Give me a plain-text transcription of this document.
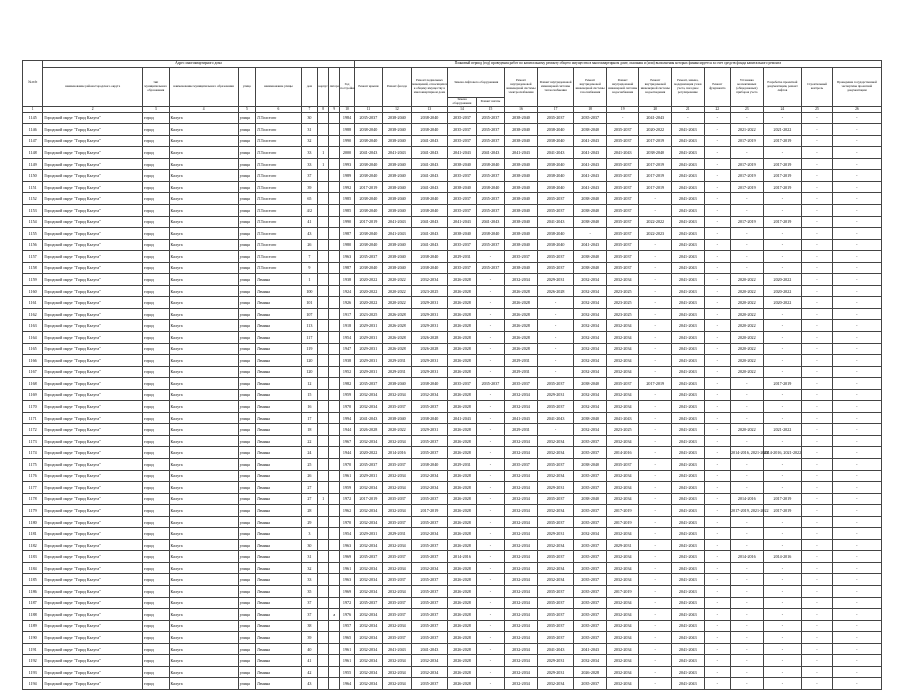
№ п/п	Адрес многоквартирного дома									Плановый период (год) проведения работ по капитальному ремонту общего имущества в многоквартирном доме, оказания и (или) выполнения которых финансируется за счет средств фонда капитального ремонта															
	наименование района/городского округа	тип муниципального образования	наименование муниципального образования	улица	наименование улицы	дом	корпус	литера	Год постройки	Ремонт крыши	Ремонт фасада	Ремонт подвальных помещений, относящихся к общему имуществу в многоквартирном доме	Замена лифтового оборудования		Ремонт внутридомовой инженерной системы электроснабжения	Ремонт внутридомовой инженерной системы теплоснабжения	Ремонт внутридомовой инженерной системы газоснабжения	Ремонт внутридомовой инженерной системы водоснабжения	Ремонт внутридомовой инженерной системы водоотведения	Ремонт, замена, модернизация узлов учета, погодное регулирование	Ремонт фундамента	Установка коллективных (общедомовых) приборов учета	Разработка проектной документации, ремонт лифтов	Строительный контроль	Проведение государственной экспертизы проектной документации
													Замена оборудования	Ремонт шахты											
1	2	3	4	5	6	7	8	9	10	11	12	13	14	15	16	17	18	19	20	21	22	23	24	25	26
1145	Городской округ "Город Калуга"	город	Калуга	улица	Л.Толстого	30			1984	2035-2037	2038-2040	2038-2040	2035-2037	2035-2037	2038-2040	2035-2037	2035-2037	-	2041-2043	-	-	-	-	-	-
1146	Городской округ "Город Калуга"	город	Калуга	улица	Л.Толстого	31			1988	2038-2040	2038-2040	2038-2040	2035-2037	2035-2037	2038-2040	2038-2040	2038-2040	2035-2037	2020-2022	2041-2043	-	2021-2022	2021-2022	-	-
1147	Городской округ "Город Калуга"	город	Калуга	улица	Л.Толстого	32			1990	2038-2040	2038-2040	2041-2043	2035-2037	2035-2037	2038-2040	2038-2040	2041-2043	2035-2037	2017-2019	2041-2043	-	2017-2019	2017-2019	-	-
1148	Городской округ "Город Калуга"	город	Калуга	улица	Л.Толстого	33	1		2000	2041-2043	2041-2043	2041-2043	2041-2043	2041-2043	2041-2043	2041-2043	2041-2043	2041-2043	2038-2040	2041-2043	-	-	-	-	-
1149	Городской округ "Город Калуга"	город	Калуга	улица	Л.Толстого	33	1		1993	2038-2040	2038-2040	2041-2043	2038-2040	2038-2040	2038-2040	2038-2040	2041-2043	2035-2037	2017-2019	2041-2043	-	2017-2019	2017-2019	-	-
1150	Городской округ "Город Калуга"	город	Калуга	улица	Л.Толстого	37			1989	2038-2040	2038-2040	2041-2043	2035-2037	2035-2037	2038-2040	2038-2040	2041-2043	2035-2037	2017-2019	2041-2043	-	2017-2019	2017-2019	-	-
1151	Городской округ "Город Калуга"	город	Калуга	улица	Л.Толстого	39			1992	2017-2019	2038-2040	2041-2043	2038-2040	2038-2040	2038-2040	2038-2040	2041-2043	2035-2037	2017-2019	2041-2043	-	2017-2019	2017-2019	-	-
1152	Городской округ "Город Калуга"	город	Калуга	улица	Л.Толстого	65			1985	2038-2040	2038-2040	2038-2040	2035-2037	2035-2037	2038-2040	2035-2037	2038-2040	2035-2037	-	2041-2043	-	-	-	-	-
1153	Городской округ "Город Калуга"	город	Калуга	улица	Л.Толстого	4/2			1985	2038-2040	2038-2040	2038-2040	2035-2037	2035-2037	2038-2040	2035-2037	2038-2040	2035-2037	-	2041-2043	-	-	-	-	-
1154	Городской округ "Город Калуга"	город	Калуга	улица	Л.Толстого	41			1990	2017-2019	2041-2043	2041-2043	2041-2043	2041-2043	2038-2040	2041-2043	2038-2040	2035-2037	2022-2022	2041-2043	-	2017-2019	2017-2019	-	-
1155	Городской округ "Город Калуга"	город	Калуга	улица	Л.Толстого	43			1987	2038-2040	2041-2043	2041-2043	2038-2040	2038-2040	2038-2040	2038-2040	-	2035-2037	2022-2023	2041-2043	-	-	-	-	-
1156	Городской округ "Город Калуга"	город	Калуга	улица	Л.Толстого	26			1980	2038-2040	2038-2040	2041-2043	2035-2037	2035-2037	2038-2040	2038-2040	2041-2043	2035-2037	-	2041-2043	-	-	-	-	-
1157	Городской округ "Город Калуга"	город	Калуга	улица	Л.Толстого	7			1963	2035-2037	2038-2040	2038-2040	2029-2031	-	2035-2037	2035-2037	2038-2040	2035-2037	-	2041-2043	-	-	-	-	-
1158	Городской округ "Город Калуга"	город	Калуга	улица	Л.Толстого	9			1987	2038-2040	2038-2040	2038-2040	2035-2037	2035-2037	2038-2040	2035-2037	2038-2040	2035-2037	-	2041-2043	-	-	-	-	-
1159	Городской округ "Город Калуга"	город	Калуга	улица	Ленина	1			1938	2020-2022	2020-2022	2032-2034	2026-2028	-	2032-2034	2029-2031	2032-2034	2032-2034	-	2041-2043	-	2020-2022	2020-2022	-	-
1160	Городской округ "Город Калуга"	город	Калуга	улица	Ленина	100			1924	2020-2022	2020-2022	2023-2025	2026-2028	-	2026-2028	2026-2028	2032-2034	2023-2025	-	2041-2043	-	2020-2022	2020-2022	-	-
1161	Городской округ "Город Калуга"	город	Калуга	улица	Ленина	101			1926	2020-2022	2020-2022	2029-2031	2026-2028	-	2026-2028	-	2032-2034	2023-2025	-	2041-2043	-	2020-2022	2020-2022	-	-
1162	Городской округ "Город Калуга"	город	Калуга	улица	Ленина	107			1917	2023-2025	2026-2028	2029-2031	2026-2028	-	2026-2028	-	2032-2034	2023-2025	-	2041-2043	-	2020-2022	-	-	-
1163	Городской округ "Город Калуга"	город	Калуга	улица	Ленина	113			1918	2029-2031	2026-2028	2029-2031	2026-2028	-	2026-2028	-	2032-2034	2032-2034	-	2041-2043	-	2020-2022	-	-	-
1164	Городской округ "Город Калуга"	город	Калуга	улица	Ленина	117			1954	2029-2031	2026-2028	2026-2028	2026-2028	-	2026-2028	-	2032-2034	2032-2034	-	2041-2043	-	2020-2022	-	-	-
1165	Городской округ "Город Калуга"	город	Калуга	улица	Ленина	119			1947	2029-2031	2026-2028	2026-2028	2026-2028	-	2026-2028	-	2032-2034	2032-2034	-	2041-2043	-	2020-2022	-	-	-
1166	Городской округ "Город Калуга"	город	Калуга	улица	Ленина	120			1938	2029-2031	2029-2031	2029-2031	2026-2028	-	2029-2031	-	2032-2034	2032-2034	-	2041-2043	-	2020-2022	-	-	-
1167	Городской округ "Город Калуга"	город	Калуга	улица	Ленина	120			1952	2029-2031	2029-2031	2029-2031	2026-2028	-	2029-2031	-	2032-2034	2032-2034	-	2041-2043	-	2020-2022	-	-	-
1168	Городской округ "Город Калуга"	город	Калуга	улица	Ленина	12			1982	2035-2037	2038-2040	2038-2040	2035-2037	2035-2037	2035-2037	2035-2037	2038-2040	2035-2037	2017-2019	2041-2043	-	-	2017-2019	-	-
1169	Городской округ "Город Калуга"	город	Калуга	улица	Ленина	15			1959	2032-2034	2032-2034	2032-2034	2026-2028	-	2032-2034	2029-2031	2032-2034	2032-2034	-	2041-2043	-	-	-	-	-
1170	Городской округ "Город Калуга"	город	Калуга	улица	Ленина	16			1970	2032-2034	2035-2037	2035-2037	2026-2028	-	2032-2034	2035-2037	2032-2034	2032-2034	-	2041-2043	-	-	-	-	-
1171	Городской округ "Город Калуга"	город	Калуга	улица	Ленина	17			1994	2041-2043	2038-2040	2038-2040	2041-2043	-	2041-2043	2041-2043	2038-2040	2041-2043	-	2041-2043	-	-	-	-	-
1172	Городской округ "Город Калуга"	город	Калуга	улица	Ленина	18			1944	2026-2028	2020-2022	2029-2031	2026-2028	-	2029-2031	-	2032-2034	2023-2025	-	2041-2043	-	2020-2022	2021-2022	-	-
1173	Городской округ "Город Калуга"	город	Калуга	улица	Ленина	22			1967	2032-2034	2032-2034	2035-2037	2026-2028	-	2032-2034	2032-2034	2035-2037	2032-2034	-	2041-2043	-	-	-	-	-
1174	Городской округ "Город Калуга"	город	Калуга	улица	Ленина	24			1944	2020-2022	2014-2016	2035-2037	2026-2028	-	2032-2034	2032-2034	2035-2037	2014-2016	-	2041-2043	-	2014-2016, 2021-2022	2014-2016, 2021-2022	-	-
1175	Городской округ "Город Калуга"	город	Калуга	улица	Ленина	25			1970	2035-2037	2035-2037	2038-2040	2029-2031	-	2035-2037	2035-2037	2038-2040	2035-2037	-	2041-2043	-	-	-	-	-
1176	Городской округ "Город Калуга"	город	Калуга	улица	Ленина	26			1961	2029-2031	2032-2034	2032-2034	2026-2028	-	2032-2034	2032-2034	2035-2037	2032-2034	-	2041-2043	-	-	-	-	-
1177	Городской округ "Город Калуга"	город	Калуга	улица	Ленина	27			1959	2032-2034	2032-2034	2032-2034	2026-2028	-	2032-2034	2029-2031	2035-2037	2032-2034	-	2041-2043	-	-	-	-	-
1178	Городской округ "Город Калуга"	город	Калуга	улица	Ленина	27	1		1972	2017-2019	2035-2037	2035-2037	2026-2028	-	2032-2034	2035-2037	2038-2040	2032-2034	-	2041-2043	-	2014-2016	2017-2019	-	-
1179	Городской округ "Город Калуга"	город	Калуга	улица	Ленина	28			1962	2032-2034	2032-2034	2017-2019	2026-2028	-	2032-2034	2032-2034	2035-2037	2017-2019	-	2041-2043	-	2017-2019, 2021-2022	2017-2019	-	-
1180	Городской округ "Город Калуга"	город	Калуга	улица	Ленина	29			1970	2032-2034	2035-2037	2035-2037	2026-2028	-	2032-2034	2035-2037	2035-2037	2017-2019	-	2041-2043	-	-	-	-	-
1181	Городской округ "Город Калуга"	город	Калуга	улица	Ленина	3			1954	2029-2031	2029-2031	2032-2034	2026-2028	-	2032-2034	2029-2031	2032-2034	2032-2034	-	2041-2043	-	-	-	-	-
1182	Городской округ "Город Калуга"	город	Калуга	улица	Ленина	30			1963	2032-2034	2032-2034	2035-2037	2026-2028	-	2032-2034	2032-2034	2035-2037	2029-2031	-	2041-2043	-	-	-	-	-
1183	Городской округ "Город Калуга"	город	Калуга	улица	Ленина	31			1969	2035-2037	2035-2037	2035-2037	2014-2016	-	2032-2034	2035-2037	2035-2037	2032-2034	-	2041-2043	-	2014-2016	2014-2016	-	-
1184	Городской округ "Город Калуга"	город	Калуга	улица	Ленина	32			1961	2032-2034	2032-2034	2032-2034	2026-2028	-	2032-2034	2032-2034	2035-2037	2032-2034	-	2041-2043	-	-	-	-	-
1185	Городской округ "Город Калуга"	город	Калуга	улица	Ленина	33			1963	2032-2034	2035-2037	2035-2037	2026-2028	-	2032-2034	2032-2034	2035-2037	2032-2034	-	2041-2043	-	-	-	-	-
1186	Городской округ "Город Калуга"	город	Калуга	улица	Ленина	35			1969	2032-2034	2032-2034	2035-2037	2026-2028	-	2032-2034	2035-2037	2035-2037	2017-2019	-	2041-2043	-	-	-	-	-
1187	Городской округ "Город Калуга"	город	Калуга	улица	Ленина	37			1972	2035-2037	2035-2037	2035-2037	2026-2028	-	2032-2034	2035-2037	2035-2037	2032-2034	-	2041-2043	-	-	-	-	-
1188	Городской округ "Город Калуга"	город	Калуга	улица	Ленина	37		а	1976	2032-2034	2035-2037	2035-2037	2026-2028	-	2032-2034	2035-2037	2035-2037	2032-2034	-	2041-2043	-	-	-	-	-
1189	Городской округ "Город Калуга"	город	Калуга	улица	Ленина	38			1957	2032-2034	2032-2034	2035-2037	2026-2028	-	2032-2034	2035-2037	2035-2037	2032-2034	-	2041-2043	-	-	-	-	-
1190	Городской округ "Город Калуга"	город	Калуга	улица	Ленина	39			1965	2032-2034	2035-2037	2035-2037	2026-2028	-	2032-2034	2035-2037	2035-2037	2032-2034	-	2041-2043	-	-	-	-	-
1191	Городской округ "Город Калуга"	город	Калуга	улица	Ленина	40			1961	2032-2034	2041-2043	2041-2043	2026-2028	-	2032-2034	2041-2043	2041-2043	2032-2034	-	2041-2043	-	-	-	-	-
1192	Городской округ "Город Калуга"	город	Калуга	улица	Ленина	41			1961	2032-2034	2032-2034	2032-2034	2026-2028	-	2032-2034	2029-2031	2032-2034	2032-2034	-	2041-2043	-	-	-	-	-
1193	Городской округ "Город Калуга"	город	Калуга	улица	Ленина	42			1955	2032-2034	2032-2034	2032-2034	2026-2028	-	2032-2034	2029-2031	2026-2028	2032-2034	-	2041-2043	-	-	-	-	-
1194	Городской округ "Город Калуга"	город	Калуга	улица	Ленина	43			1964	2032-2034	2032-2034	2035-2037	2026-2028	-	2032-2034	2032-2034	2035-2037	2032-2034	-	2041-2043	-	-	-	-	-
